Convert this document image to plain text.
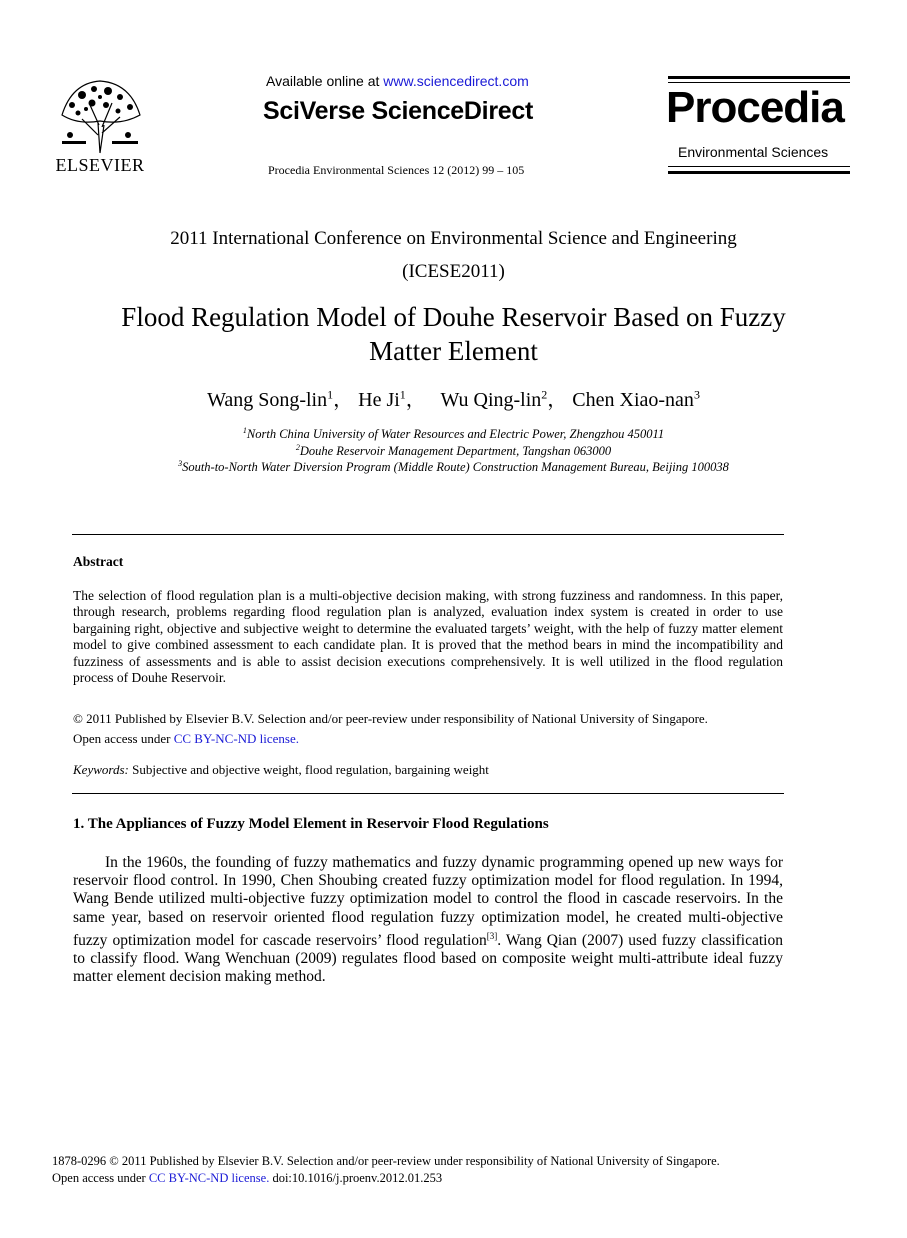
ELSEVIER
Available online at www.sciencedirect.com
SciVerse ScienceDirect
Procedia Environmental Sciences 12 (2012) 99 – 105
Procedia
Environmental Sciences
2011 International Conference on Environmental Science and Engineering
(ICESE2011)
Flood Regulation Model of Douhe Reservoir Based on Fuzzy
Matter Element
Wang Song-lin$^1$， He Ji$^1$， Wu Qing-lin$^2$， Chen Xiao-nan$^3$
$^1$North China University of Water Resources and Electric Power, Zhengzhou 450011
$^2$Douhe Reservoir Management Department, Tangshan 063000
$^3$South-to-North Water Diversion Program (Middle Route) Construction Management Bureau, Beijing 100038
Abstract
The selection of flood regulation plan is a multi-objective decision making, with strong fuzziness and randomness. In this paper, through research, problems regarding flood regulation plan is analyzed, evaluation index system is created in order to use bargaining right, objective and subjective weight to determine the evaluated targets’ weight, with the help of fuzzy matter element model to give combined assessment to each candidate plan. It is proved that the method bears in mind the incompatibility and fuzziness of assessments and is able to assist decision executions comprehensively. It is well utilized in the flood regulation process of Douhe Reservoir.
© 2011 Published by Elsevier B.V. Selection and/or peer-review under responsibility of National University of Singapore.
Open access under CC BY-NC-ND license.
Keywords: Subjective and objective weight, flood regulation, bargaining weight
1. The Appliances of Fuzzy Model Element in Reservoir Flood Regulations
In the 1960s, the founding of fuzzy mathematics and fuzzy dynamic programming opened up new ways for reservoir flood control. In 1990, Chen Shoubing created fuzzy optimization model for flood regulation. In 1994, Wang Bende utilized multi-objective fuzzy optimization model to control the flood in cascade reservoirs. In the same year, based on reservoir oriented flood regulation fuzzy optimization model, he created multi-objective fuzzy optimization model for cascade reservoirs’ flood regulation[3]. Wang Qian (2007) used fuzzy classification to classify flood. Wang Wenchuan (2009) regulates flood based on composite weight multi-attribute ideal fuzzy matter element decision making method.
1878-0296 © 2011 Published by Elsevier B.V. Selection and/or peer-review under responsibility of National University of Singapore.
Open access under CC BY-NC-ND license. doi:10.1016/j.proenv.2012.01.253
